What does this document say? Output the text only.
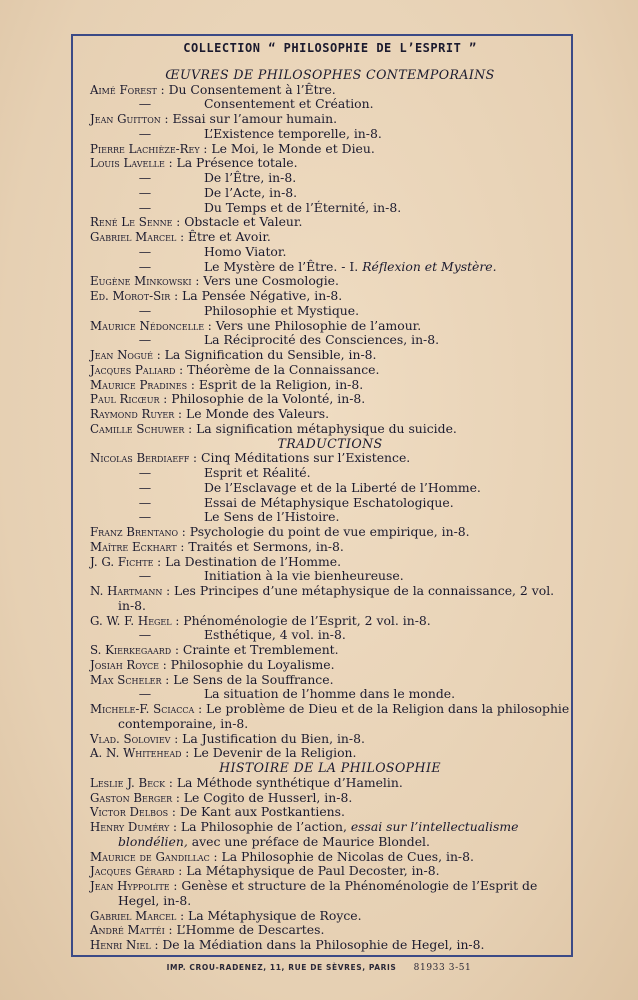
COLLECTION “ PHILOSOPHIE DE L’ESPRIT ”
ŒUVRES DE PHILOSOPHES CONTEMPORAINS
Aimé Forest : Du Consentement à l’Être.
—	Consentement et Création.
Jean Guitton : Essai sur l’amour humain.
—	L’Existence temporelle, in-8.
Pierre Lachièze-Rey : Le Moi, le Monde et Dieu.
Louis Lavelle : La Présence totale.
—	De l’Être, in-8.
—	De l’Acte, in-8.
—	Du Temps et de l’Éternité, in-8.
René Le Senne : Obstacle et Valeur.
Gabriel Marcel : Être et Avoir.
—	Homo Viator.
—	Le Mystère de l’Être. - I. Réflexion et Mystère.
Eugène Minkowski : Vers une Cosmologie.
Ed. Morot-Sir : La Pensée Négative, in-8.
—	Philosophie et Mystique.
Maurice Nédoncelle : Vers une Philosophie de l’amour.
—	La Réciprocité des Consciences, in-8.
Jean Nogué : La Signification du Sensible, in-8.
Jacques Paliard : Théorème de la Connaissance.
Maurice Pradines : Esprit de la Religion, in-8.
Paul Ricœur : Philosophie de la Volonté, in-8.
Raymond Ruyer : Le Monde des Valeurs.
Camille Schuwer : La signification métaphysique du suicide.
TRADUCTIONS
Nicolas Berdiaeff : Cinq Méditations sur l’Existence.
—	Esprit et Réalité.
—	De l’Esclavage et de la Liberté de l’Homme.
—	Essai de Métaphysique Eschatologique.
—	Le Sens de l’Histoire.
Franz Brentano : Psychologie du point de vue empirique, in-8.
Maître Eckhart : Traités et Sermons, in-8.
J. G. Fichte : La Destination de l’Homme.
—	Initiation à la vie bienheureuse.
N. Hartmann : Les Principes d’une métaphysique de la connaissance, 2 vol. in-8.
G. W. F. Hegel : Phénoménologie de l’Esprit, 2 vol. in-8.
—	Esthétique, 4 vol. in-8.
S. Kierkegaard : Crainte et Tremblement.
Josiah Royce : Philosophie du Loyalisme.
Max Scheler : Le Sens de la Souffrance.
—	La situation de l’homme dans le monde.
Michele-F. Sciacca : Le problème de Dieu et de la Religion dans la philosophie contemporaine, in-8.
Vlad. Soloviev : La Justification du Bien, in-8.
A. N. Whitehead : Le Devenir de la Religion.
HISTOIRE DE LA PHILOSOPHIE
Leslie J. Beck : La Méthode synthétique d’Hamelin.
Gaston Berger : Le Cogito de Husserl, in-8.
Victor Delbos : De Kant aux Postkantiens.
Henry Duméry : La Philosophie de l’action, essai sur l’intellectualisme blondélien, avec une préface de Maurice Blondel.
Maurice de Gandillac : La Philosophie de Nicolas de Cues, in-8.
Jacques Gérard : La Métaphysique de Paul Decoster, in-8.
Jean Hyppolite : Genèse et structure de la Phénoménologie de l’Esprit de Hegel, in-8.
Gabriel Marcel : La Métaphysique de Royce.
André Mattéi : L’Homme de Descartes.
Henri Niel : De la Médiation dans la Philosophie de Hegel, in-8.
IMP. CROU-RADENEZ, 11, RUE DE SÈVRES, PARIS 81933 3-51
